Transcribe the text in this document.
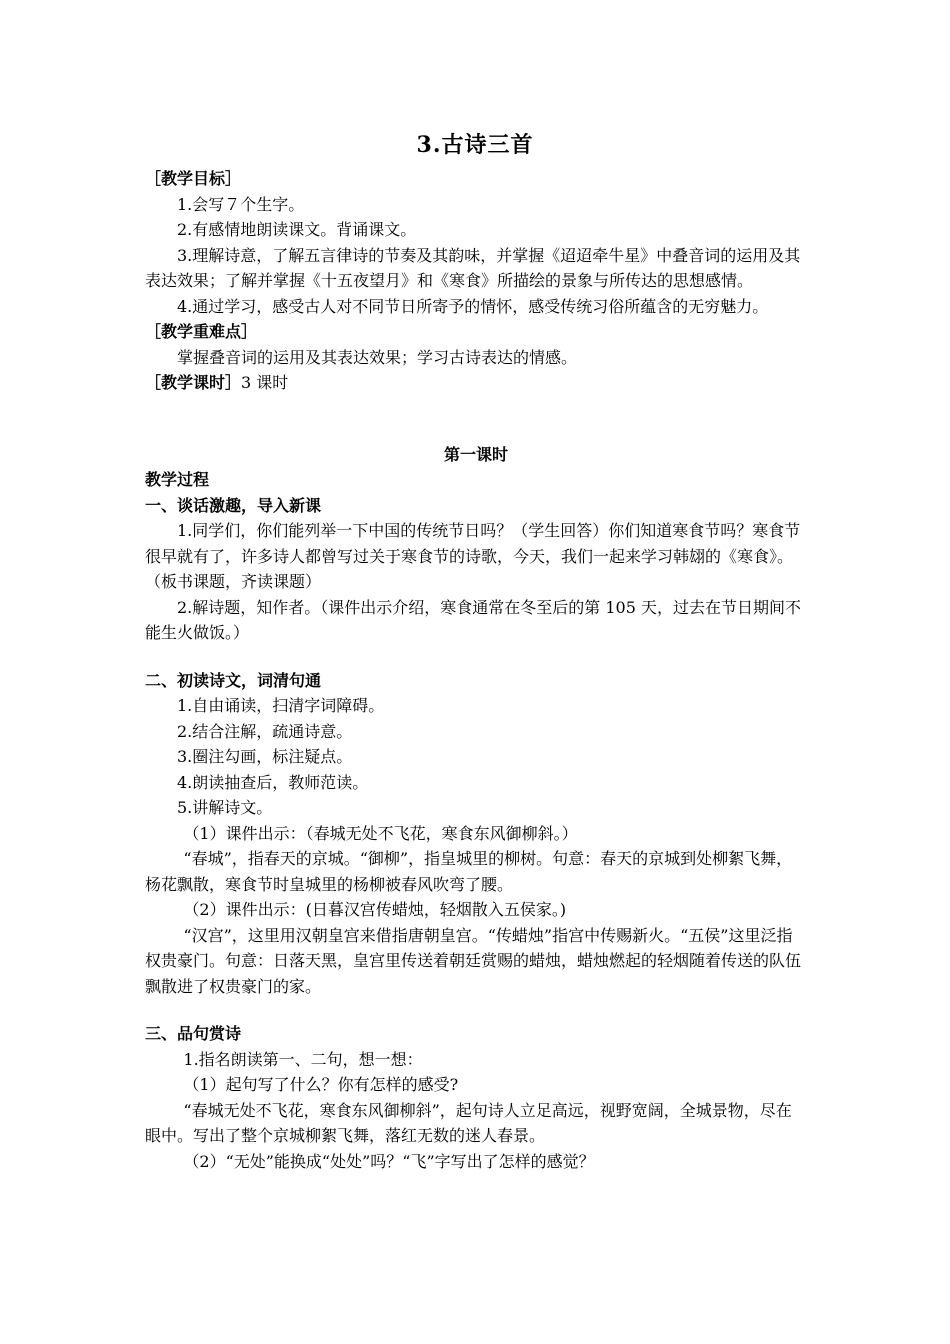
3.古诗三首

［教学目标］

1.会写７个生字。

2.有感情地朗读课文。背诵课文。

3.理解诗意，了解五言律诗的节奏及其韵味，并掌握《迢迢牵牛星》中叠音词的运用及其表达效果；了解并掌握《十五夜望月》和《寒食》所描绘的景象与所传达的思想感情。

4.通过学习，感受古人对不同节日所寄予的情怀，感受传统习俗所蕴含的无穷魅力。

［教学重难点］

掌握叠音词的运用及其表达效果；学习古诗表达的情感。

［教学课时］3 课时

第一课时

教学过程

一、谈话激趣，导入新课

1.同学们，你们能列举一下中国的传统节日吗？（学生回答）你们知道寒食节吗？寒食节很早就有了，许多诗人都曾写过关于寒食节的诗歌，今天，我们一起来学习韩翃的《寒食》。（板书课题，齐读课题）

2.解诗题，知作者。（课件出示介绍，寒食通常在冬至后的第 105 天，过去在节日期间不能生火做饭。）

二、初读诗文，词清句通

1.自由诵读，扫清字词障碍。

2.结合注解，疏通诗意。

3.圈注勾画，标注疑点。

4.朗读抽查后，教师范读。

5.讲解诗文。

（1）课件出示：（春城无处不飞花，寒食东风御柳斜。）

“春城”，指春天的京城。“御柳”，指皇城里的柳树。句意：春天的京城到处柳絮飞舞，杨花飘散，寒食节时皇城里的杨柳被春风吹弯了腰。

（2）课件出示：(日暮汉宫传蜡烛，轻烟散入五侯家。)

“汉宫”，这里用汉朝皇宫来借指唐朝皇宫。“传蜡烛”指宫中传赐新火。“五侯”这里泛指权贵豪门。句意：日落天黑，皇宫里传送着朝廷赏赐的蜡烛，蜡烛燃起的轻烟随着传送的队伍飘散进了权贵豪门的家。

三、品句赏诗

1.指名朗读第一、二句，想一想：

（1）起句写了什么？你有怎样的感受?

“春城无处不飞花，寒食东风御柳斜”，起句诗人立足高远，视野宽阔，全城景物，尽在眼中。写出了整个京城柳絮飞舞，落红无数的迷人春景。

（2）“无处”能换成“处处”吗？“飞”字写出了怎样的感觉？
